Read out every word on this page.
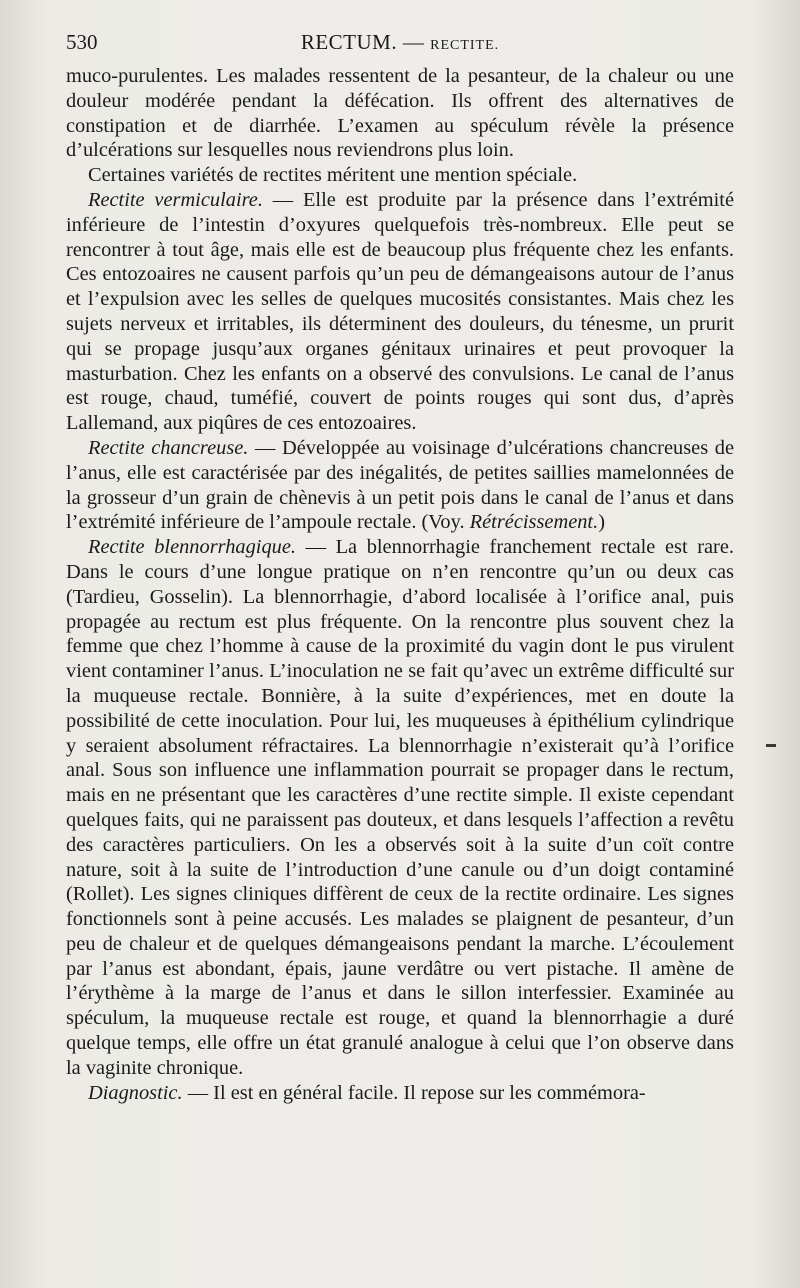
530	RECTUM. — RECTITE.

muco-purulentes. Les malades ressentent de la pesanteur, de la chaleur ou une douleur modérée pendant la défécation. Ils offrent des alternatives de constipation et de diarrhée. L’examen au spéculum révèle la présence d’ulcérations sur lesquelles nous reviendrons plus loin.

Certaines variétés de rectites méritent une mention spéciale.

Rectite vermiculaire. — Elle est produite par la présence dans l’extrémité inférieure de l’intestin d’oxyures quelquefois très-nombreux. Elle peut se rencontrer à tout âge, mais elle est de beaucoup plus fréquente chez les enfants. Ces entozoaires ne causent parfois qu’un peu de démangeaisons autour de l’anus et l’expulsion avec les selles de quelques mucosités consistantes. Mais chez les sujets nerveux et irritables, ils déterminent des douleurs, du ténesme, un prurit qui se propage jusqu’aux organes génitaux urinaires et peut provoquer la masturbation. Chez les enfants on a observé des convulsions. Le canal de l’anus est rouge, chaud, tuméfié, couvert de points rouges qui sont dus, d’après Lallemand, aux piqûres de ces entozoaires.

Rectite chancreuse. — Développée au voisinage d’ulcérations chancreuses de l’anus, elle est caractérisée par des inégalités, de petites saillies mamelonnées de la grosseur d’un grain de chènevis à un petit pois dans le canal de l’anus et dans l’extrémité inférieure de l’ampoule rectale. (Voy. Rétrécissement.)

Rectite blennorrhagique. — La blennorrhagie franchement rectale est rare. Dans le cours d’une longue pratique on n’en rencontre qu’un ou deux cas (Tardieu, Gosselin). La blennorrhagie, d’abord localisée à l’orifice anal, puis propagée au rectum est plus fréquente. On la rencontre plus souvent chez la femme que chez l’homme à cause de la proximité du vagin dont le pus virulent vient contaminer l’anus. L’inoculation ne se fait qu’avec un extrême difficulté sur la muqueuse rectale. Bonnière, à la suite d’expériences, met en doute la possibilité de cette inoculation. Pour lui, les muqueuses à épithélium cylindrique y seraient absolument réfractaires. La blennorrhagie n’existerait qu’à l’orifice anal. Sous son influence une inflammation pourrait se propager dans le rectum, mais en ne présentant que les caractères d’une rectite simple. Il existe cependant quelques faits, qui ne paraissent pas douteux, et dans lesquels l’affection a revêtu des caractères particuliers. On les a observés soit à la suite d’un coït contre nature, soit à la suite de l’introduction d’une canule ou d’un doigt contaminé (Rollet). Les signes cliniques diffèrent de ceux de la rectite ordinaire. Les signes fonctionnels sont à peine accusés. Les malades se plaignent de pesanteur, d’un peu de chaleur et de quelques démangeaisons pendant la marche. L’écoulement par l’anus est abondant, épais, jaune verdâtre ou vert pistache. Il amène de l’érythème à la marge de l’anus et dans le sillon interfessier. Examinée au spéculum, la muqueuse rectale est rouge, et quand la blennorrhagie a duré quelque temps, elle offre un état granulé analogue à celui que l’on observe dans la vaginite chronique.

Diagnostic. — Il est en général facile. Il repose sur les commémora-
